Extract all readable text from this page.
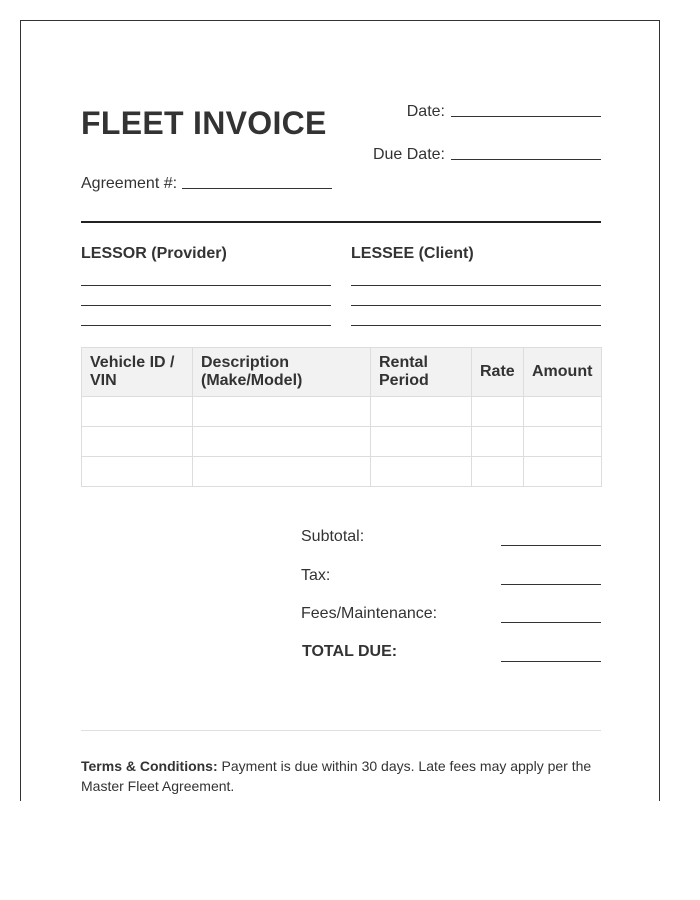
FLEET INVOICE	Date:
Due Date:
Agreement #:
LESSOR (Provider)	LESSEE (Client)
Vehicle ID / VIN	Description (Make/Model)	Rental Period	Rate	Amount

Subtotal:
Tax:
Fees/Maintenance:
TOTAL DUE:
Terms & Conditions: Payment is due within 30 days. Late fees may apply per the Master Fleet Agreement.
